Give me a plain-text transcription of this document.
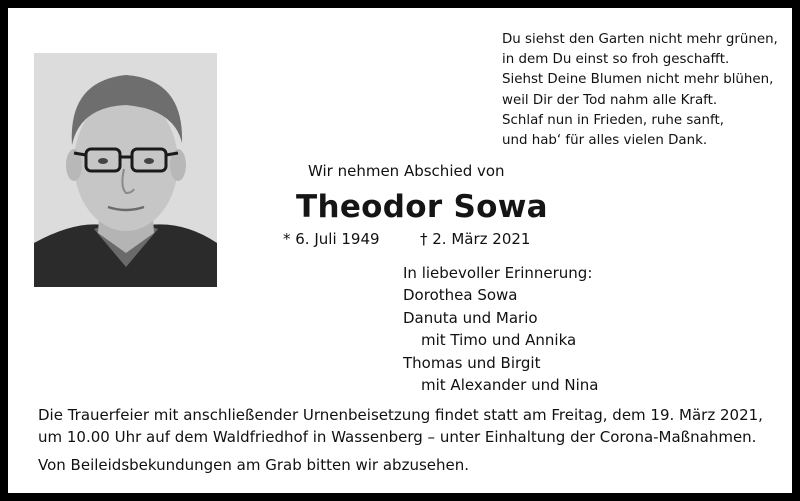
Du siehst den Garten nicht mehr grünen,
in dem Du einst so froh geschafft.
Siehst Deine Blumen nicht mehr blühen,
weil Dir der Tod nahm alle Kraft.
Schlaf nun in Frieden, ruhe sanft,
und hab‘ für alles vielen Dank.
Wir nehmen Abschied von
Theodor Sowa
* 6. Juli 1949	† 2. März 2021
In liebevoller Erinnerung:
Dorothea Sowa
Danuta und Mario
mit Timo und Annika
Thomas und Birgit
mit Alexander und Nina
Die Trauerfeier mit anschließender Urnenbeisetzung findet statt am Freitag, dem 19. März 2021,
um 10.00 Uhr auf dem Waldfriedhof in Wassenberg – unter Einhaltung der Corona-Maßnahmen.
Von Beileidsbekundungen am Grab bitten wir abzusehen.
